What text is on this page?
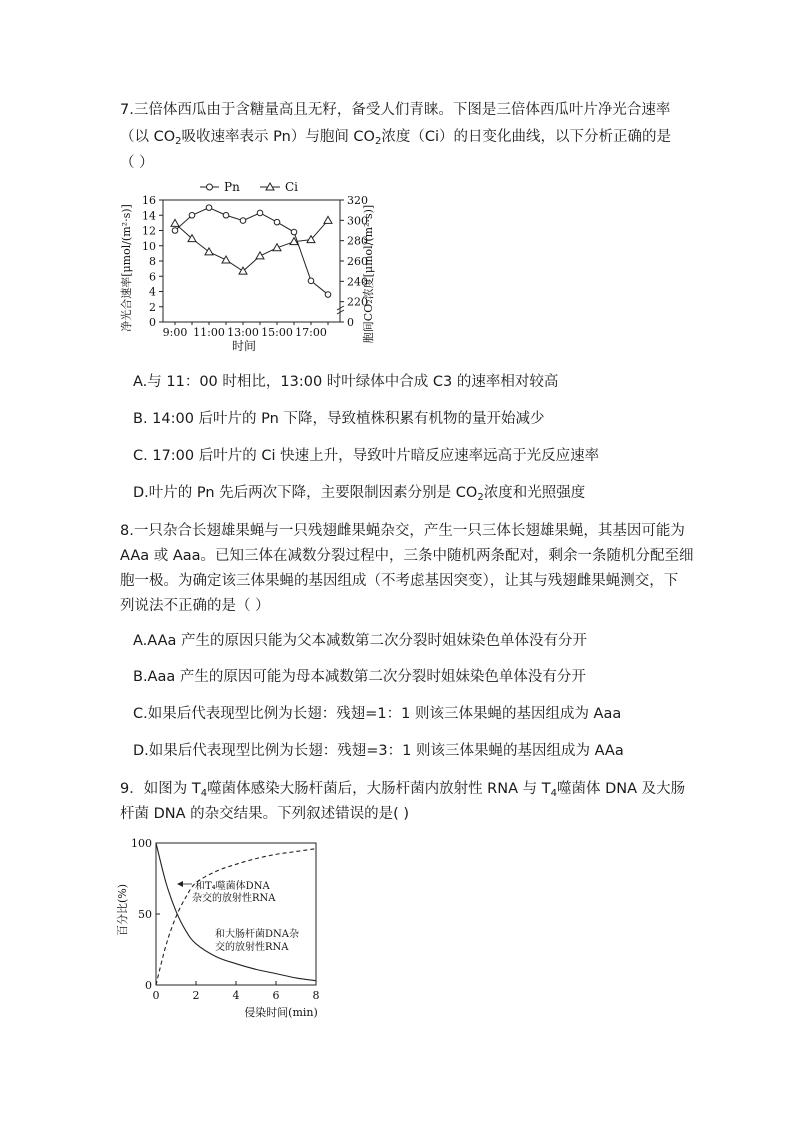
7.三倍体西瓜由于含糖量高且无籽，备受人们青睐。下图是三倍体西瓜叶片净光合速率
（以 $CO_2$吸收速率表示 Pn）与胞间 $CO_2$浓度（Ci）的日变化曲线，以下分析正确的是
（ ）
0
2
4
6
8
10
12
14
16
0
220
240
260
280
300
320
9:00 11:00 13:00 15:00 17:00
Pn	Ci
时间
净光合速率[μmol/(m²·s)]	胞间CO₂浓度[μmol/(m²·s)]
A.与 11：00 时相比，13:00 时叶绿体中合成 C3 的速率相对较高
B. 14:00 后叶片的 Pn 下降，导致植株积累有机物的量开始减少
C. 17:00 后叶片的 Ci 快速上升，导致叶片暗反应速率远高于光反应速率
D.叶片的 Pn 先后两次下降，主要限制因素分别是 $CO_2$浓度和光照强度
8.一只杂合长翅雄果蝇与一只残翅雌果蝇杂交，产生一只三体长翅雄果蝇，其基因可能为
AAa 或 Aaa。已知三体在减数分裂过程中，三条中随机两条配对，剩余一条随机分配至细
胞一极。为确定该三体果蝇的基因组成（不考虑基因突变），让其与残翅雌果蝇测交，下
列说法不正确的是（ ）
A.AAa 产生的原因只能为父本减数第二次分裂时姐妹染色单体没有分开
B.Aaa 产生的原因可能为母本减数第二次分裂时姐妹染色单体没有分开
C.如果后代表现型比例为长翅：残翅=1：1 则该三体果蝇的基因组成为 Aaa
D.如果后代表现型比例为长翅：残翅=3：1 则该三体果蝇的基因组成为 AAa
9．如图为 $T_4$噬菌体感染大肠杆菌后，大肠杆菌内放射性 RNA 与 $T_4$噬菌体 DNA 及大肠
杆菌 DNA 的杂交结果。下列叙述错误的是( )
0
50
100
0	2	4	6	8
百分比(%)
侵染时间(min)
和T₄噬菌体DNA
杂交的放射性RNA
和大肠杆菌DNA杂
交的放射性RNA
